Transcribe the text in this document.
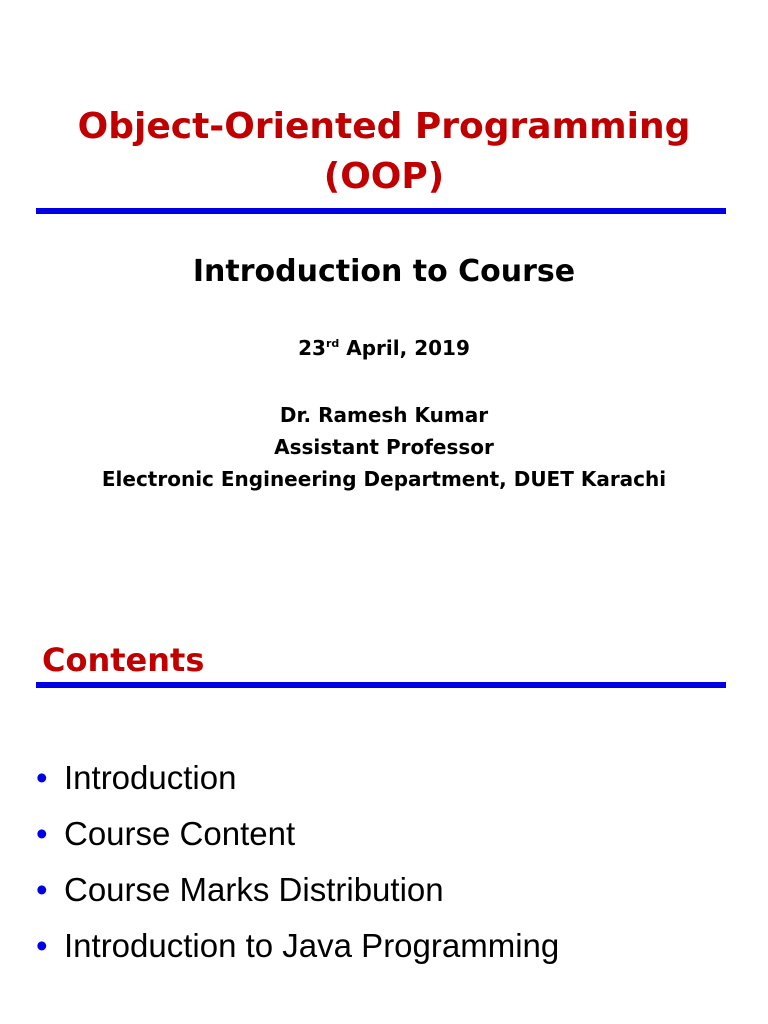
Object-Oriented Programming
(OOP)
Introduction to Course
23rd April, 2019
Dr. Ramesh Kumar
Assistant Professor
Electronic Engineering Department, DUET Karachi
Contents
• Introduction
• Course Content
• Course Marks Distribution
• Introduction to Java Programming
